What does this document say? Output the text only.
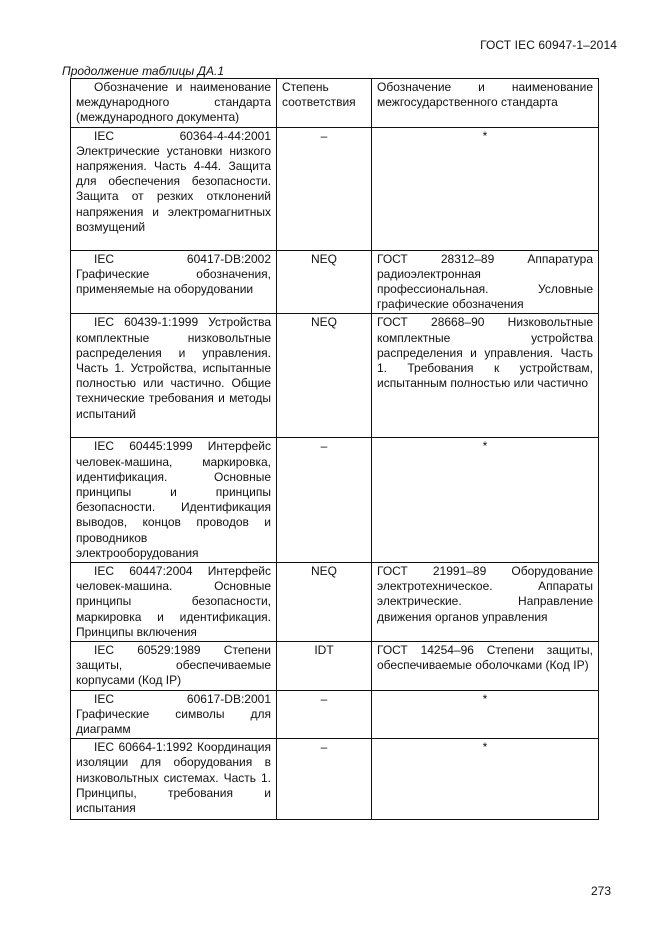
ГОСТ IEC 60947-1–2014
Продолжение таблицы ДА.1
Обозначение и наименование международного стандарта (международного документа)	Степень соответствия	Обозначение и наименование межгосударственного стандарта
IEC 60364-4-44:2001 Электрические установки низкого напряжения. Часть 4-44. Защита для обеспечения безопасности. Защита от резких отклонений напряжения и электромагнитных возмущений	–	*
IEC 60417-DB:2002 Графические обозначения, применяемые на оборудовании	NEQ	ГОСТ 28312–89 Аппаратура радиоэлектронная профессиональная. Условные графические обозначения
IEC 60439-1:1999 Устройства комплектные низковольтные распределения и управления. Часть 1. Устройства, испытанные полностью или частично. Общие технические требования и методы испытаний	NEQ	ГОСТ 28668–90 Низковольтные комплектные устройства распределения и управления. Часть 1. Требования к устройствам, испытанным полностью или частично
IEC 60445:1999 Интерфейс человек-машина, маркировка, идентификация. Основные принципы и принципы безопасности. Идентификация выводов, концов проводов и проводников электрооборудования	–	*
IEC 60447:2004 Интерфейс человек-машина. Основные принципы безопасности, маркировка и идентификация. Принципы включения	NEQ	ГОСТ 21991–89 Оборудование электротехническое. Аппараты электрические. Направление движения органов управления
IEC 60529:1989 Степени защиты, обеспечиваемые корпусами (Код IP)	IDT	ГОСТ 14254–96 Степени защиты, обеспечиваемые оболочками (Код IP)
IEC 60617-DB:2001 Графические символы для диаграмм	–	*
IEC 60664-1:1992 Координация изоляции для оборудования в низковольтных системах. Часть 1. Принципы, требования и испытания	–	*
273
